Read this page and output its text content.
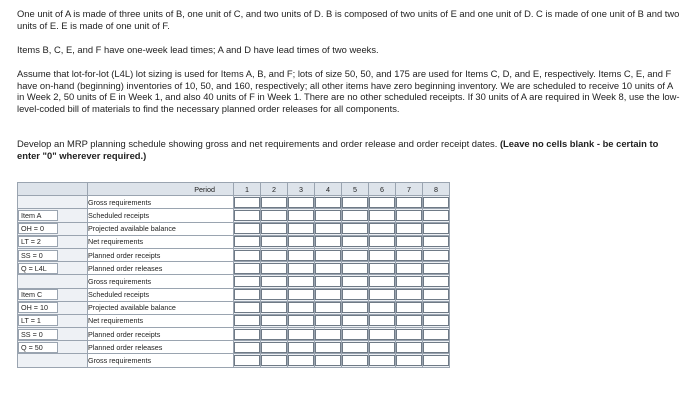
One unit of A is made of three units of B, one unit of C, and two units of D. B is composed of two units of E and one unit of D. C is made of one unit of B and two units of E. E is made of one unit of F.

Items B, C, E, and F have one-week lead times; A and D have lead times of two weeks.

Assume that lot-for-lot (L4L) lot sizing is used for Items A, B, and F; lots of size 50, 50, and 175 are used for Items C, D, and E, respectively. Items C, E, and F have on-hand (beginning) inventories of 10, 50, and 160, respectively; all other items have zero beginning inventory. We are scheduled to receive 10 units of A in Week 2, 50 units of E in Week 1, and also 40 units of F in Week 1. There are no other scheduled receipts. If 30 units of A are required in Week 8, use the low-level-coded bill of materials to find the necessary planned order releases for all components.

Develop an MRP planning schedule showing gross and net requirements and order release and order receipt dates. (Leave no cells blank - be certain to enter "0" wherever required.)

	Period	1	2	3	4	5	6	7	8
	Gross requirements	

Item A	Scheduled receipts	

OH = 0	Projected available balance	

LT = 2	Net requirements	

SS = 0	Planned order receipts	

Q = L4L	Planned order releases	

	Gross requirements	

Item C	Scheduled receipts	

OH = 10	Projected available balance	

LT = 1	Net requirements	

SS = 0	Planned order receipts	

Q = 50	Planned order releases	

	Gross requirements	
